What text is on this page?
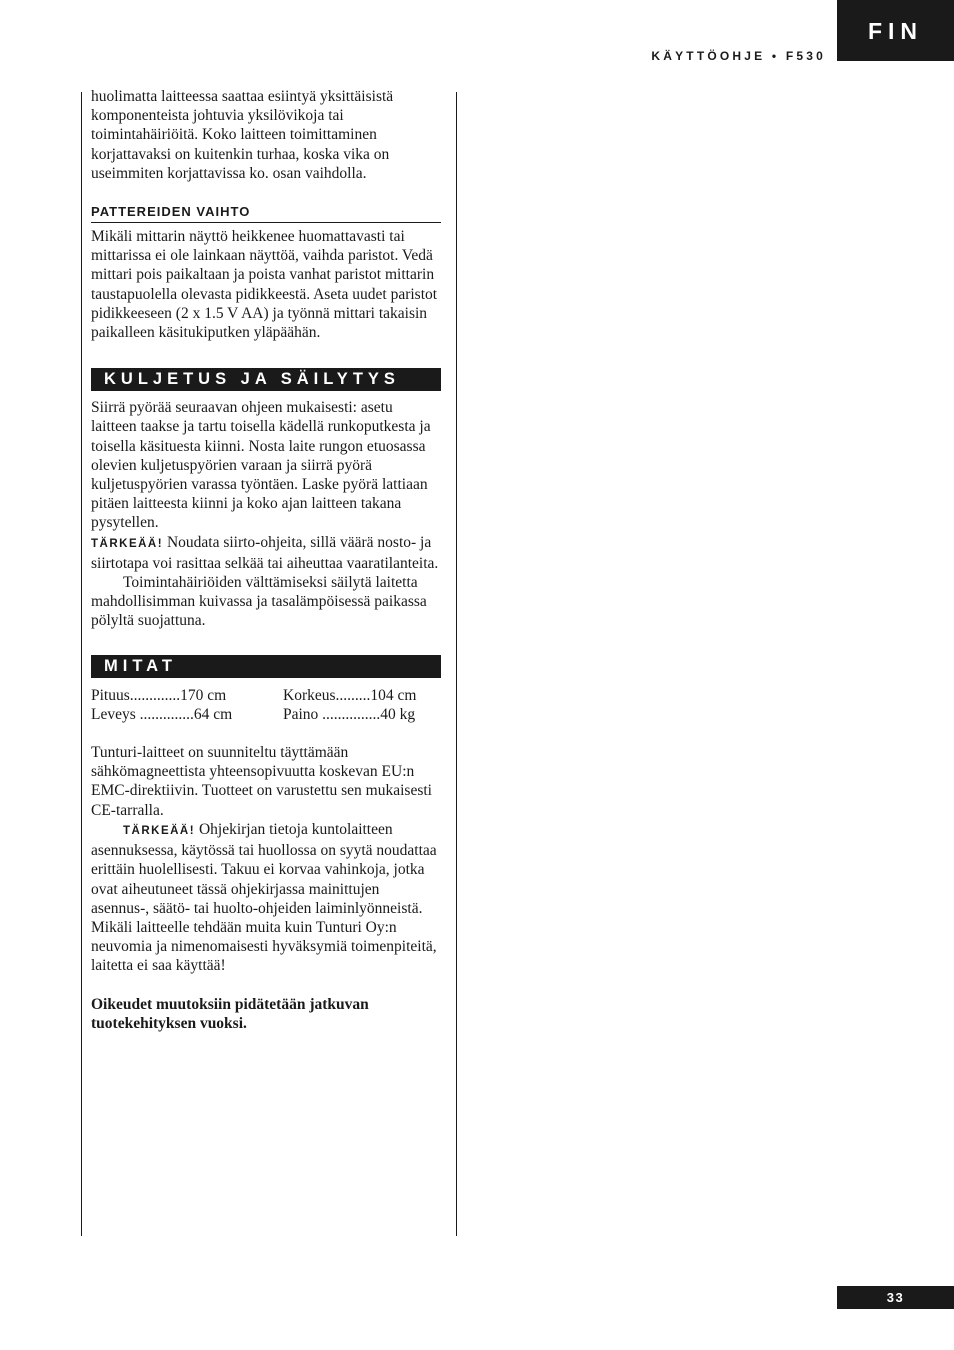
FIN
KÄYTTÖOHJE • F530

huolimatta laitteessa saattaa esiintyä yksittäisistä komponenteista johtuvia yksilövikoja tai toimintahäiriöitä. Koko laitteen toimittaminen korjattavaksi on kuitenkin turhaa, koska vika on useimmiten korjattavissa ko. osan vaihdolla.

PATTEREIDEN VAIHTO

Mikäli mittarin näyttö heikkenee huomattavasti tai mittarissa ei ole lainkaan näyttöä, vaihda paristot. Vedä mittari pois paikaltaan ja poista vanhat paristot mittarin taustapuolella olevasta pidikkeestä. Aseta uudet paristot pidikkeeseen (2 x 1.5 V AA) ja työnnä mittari takaisin paikalleen käsitukiputken yläpäähän.

KULJETUS JA SÄILYTYS

Siirrä pyörää seuraavan ohjeen mukaisesti: asetu laitteen taakse ja tartu toisella kädellä runkoputkesta ja toisella käsituesta kiinni. Nosta laite rungon etuosassa olevien kuljetuspyörien varaan ja siirrä pyörä kuljetuspyörien varassa työntäen. Laske pyörä lattiaan pitäen laitteesta kiinni ja koko ajan laitteen takana pysytellen.
TÄRKEÄÄ! Noudata siirto-ohjeita, sillä väärä nosto- ja siirtotapa voi rasittaa selkää tai aiheuttaa vaaratilanteita.

Toimintahäiriöiden välttämiseksi säilytä laitetta mahdollisimman kuivassa ja tasalämpöisessä paikassa pölyltä suojattuna.

MITAT
Pituus.............170 cm	Korkeus.........104 cm
Leveys ..............64 cm	Paino ...............40 kg

Tunturi-laitteet on suunniteltu täyttämään sähkömagneettista yhteensopivuutta koskevan EU:n EMC-direktiivin. Tuotteet on varustettu sen mukaisesti CE-tarralla.

TÄRKEÄÄ! Ohjekirjan tietoja kuntolaitteen asennuksessa, käytössä tai huollossa on syytä noudattaa erittäin huolellisesti. Takuu ei korvaa vahinkoja, jotka ovat aiheutuneet tässä ohjekirjassa mainittujen asennus-, säätö- tai huolto-ohjeiden laiminlyönneistä. Mikäli laitteelle tehdään muita kuin Tunturi Oy:n neuvomia ja nimenomaisesti hyväksymiä toimenpiteitä, laitetta ei saa käyttää!

Oikeudet muutoksiin pidätetään jatkuvan tuotekehityksen vuoksi.

33
